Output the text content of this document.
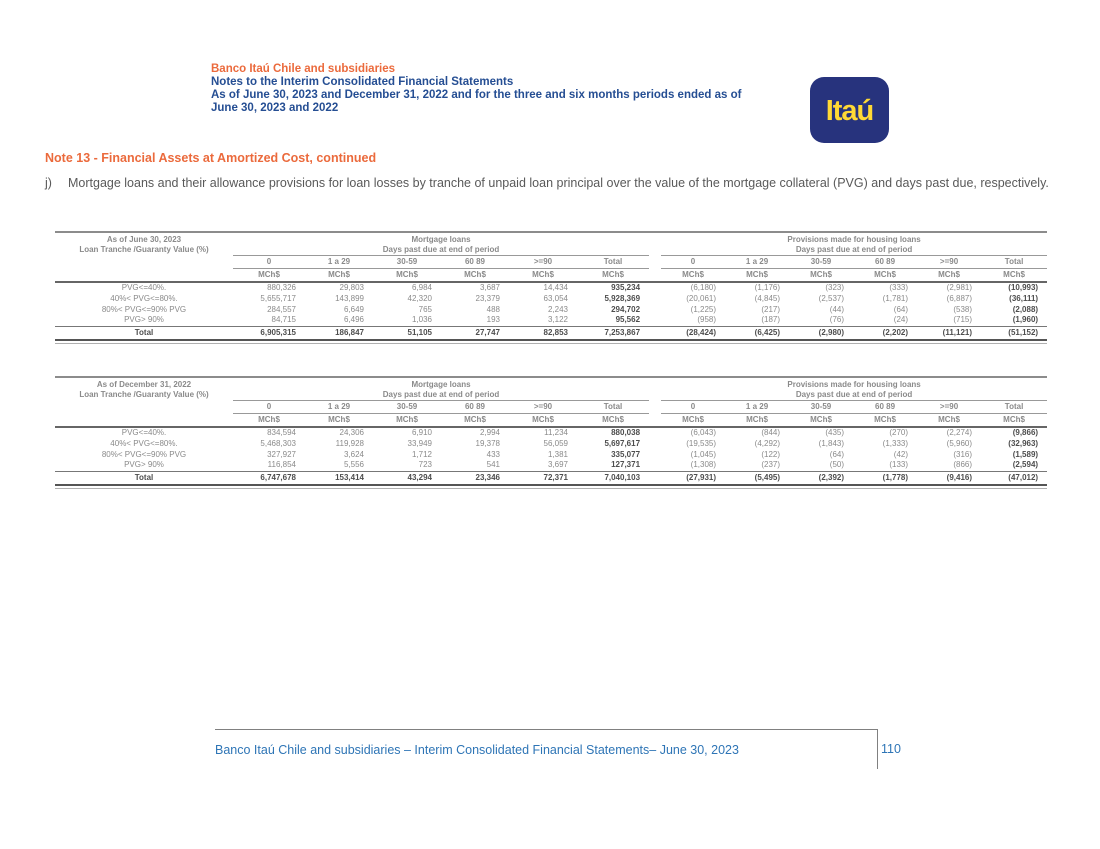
Banco Itaú Chile and subsidiaries
Notes to the Interim Consolidated Financial Statements
As of June 30, 2023 and December 31, 2022 and for the three and six months periods ended as of
June 30, 2023 and 2022	Itaú
Note 13 - Financial Assets at Amortized Cost, continued
j)	Mortgage loans and their allowance provisions for loan losses by tranche of unpaid loan principal over the value of the mortgage collateral (PVG) and days past due, respectively.
As of June 30, 2023
Loan Tranche /Guaranty Value (%)

Mortgage loans
Days past due at end of period

Provisions made for housing loans
Days past due at end of period

	0	1 a 29	30-59	60 89	>=90	Total		0	1 a 29	30-59	60 89	>=90	Total
	MCh$	MCh$	MCh$	MCh$	MCh$	MCh$		MCh$	MCh$	MCh$	MCh$	MCh$	MCh$
PVG<=40%.	880,326	29,803	6,984	3,687	14,434	935,234		(6,180)	(1,176)	(323)	(333)	(2,981)	(10,993)
40%< PVG<=80%.	5,655,717	143,899	42,320	23,379	63,054	5,928,369		(20,061)	(4,845)	(2,537)	(1,781)	(6,887)	(36,111)
80%< PVG<=90% PVG	284,557	6,649	765	488	2,243	294,702		(1,225)	(217)	(44)	(64)	(538)	(2,088)
PVG> 90%	84,715	6,496	1,036	193	3,122	95,562		(958)	(187)	(76)	(24)	(715)	(1,960)
Total	6,905,315	186,847	51,105	27,747	82,853	7,253,867		(28,424)	(6,425)	(2,980)	(2,202)	(11,121)	(51,152)
As of December 31, 2022
Loan Tranche /Guaranty Value (%)

Mortgage loans
Days past due at end of period

Provisions made for housing loans
Days past due at end of period

	0	1 a 29	30-59	60 89	>=90	Total		0	1 a 29	30-59	60 89	>=90	Total
	MCh$	MCh$	MCh$	MCh$	MCh$	MCh$		MCh$	MCh$	MCh$	MCh$	MCh$	MCh$
PVG<=40%.	834,594	24,306	6,910	2,994	11,234	880,038		(6,043)	(844)	(435)	(270)	(2,274)	(9,866)
40%< PVG<=80%.	5,468,303	119,928	33,949	19,378	56,059	5,697,617		(19,535)	(4,292)	(1,843)	(1,333)	(5,960)	(32,963)
80%< PVG<=90% PVG	327,927	3,624	1,712	433	1,381	335,077		(1,045)	(122)	(64)	(42)	(316)	(1,589)
PVG> 90%	116,854	5,556	723	541	3,697	127,371		(1,308)	(237)	(50)	(133)	(866)	(2,594)
Total	6,747,678	153,414	43,294	23,346	72,371	7,040,103		(27,931)	(5,495)	(2,392)	(1,778)	(9,416)	(47,012)
Banco Itaú Chile and subsidiaries – Interim Consolidated Financial Statements– June 30, 2023	110
